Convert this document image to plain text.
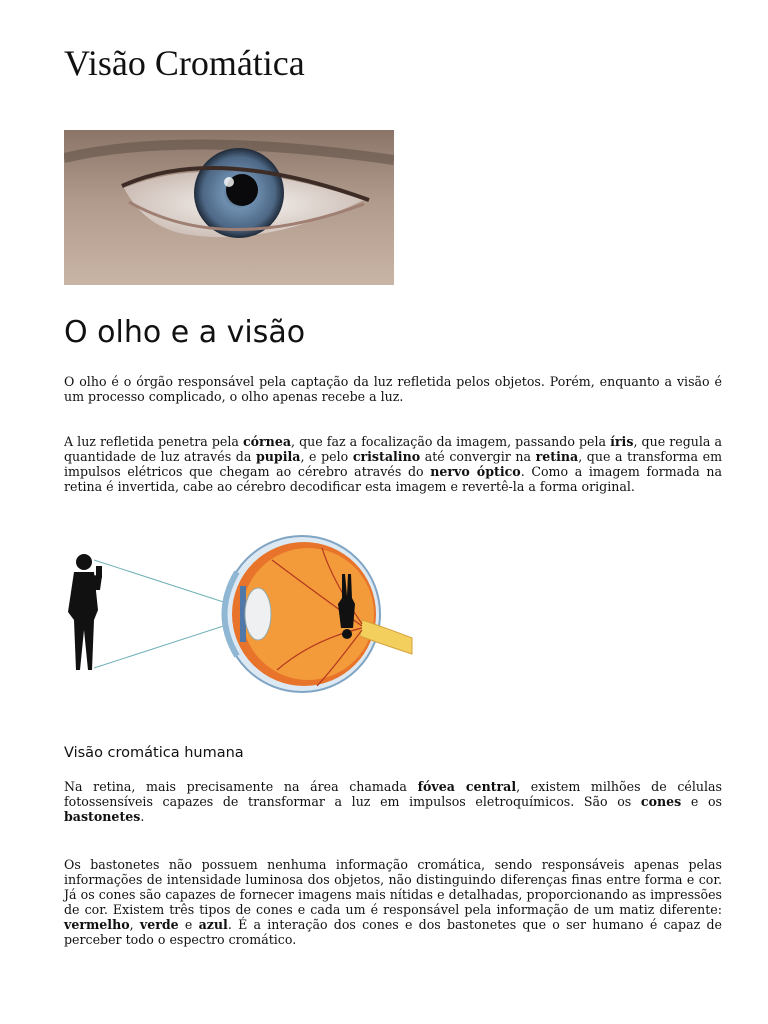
Visão Cromática
O olho e a visão

O olho é o órgão responsável pela captação da luz refletida pelos objetos. Porém, enquanto a visão é um processo complicado, o olho apenas recebe a luz.

A luz refletida penetra pela córnea, que faz a focalização da imagem, passando pela íris, que regula a quantidade de luz através da pupila, e pelo cristalino até convergir na retina, que a transforma em impulsos elétricos que chegam ao cérebro através do nervo óptico. Como a imagem formada na retina é invertida, cabe ao cérebro decodificar esta imagem e revertê-la a forma original.

Visão cromática humana

Na retina, mais precisamente na área chamada fóvea central, existem milhões de células fotossensíveis capazes de transformar a luz em impulsos eletroquímicos. São os cones e os bastonetes.

Os bastonetes não possuem nenhuma informação cromática, sendo responsáveis apenas pelas informações de intensidade luminosa dos objetos, não distinguindo diferenças finas entre forma e cor. Já os cones são capazes de fornecer imagens mais nítidas e detalhadas, proporcionando as impressões de cor. Existem três tipos de cones e cada um é responsável pela informação de um matiz diferente: vermelho, verde e azul. É a interação dos cones e dos bastonetes que o ser humano é capaz de perceber todo o espectro cromático.
